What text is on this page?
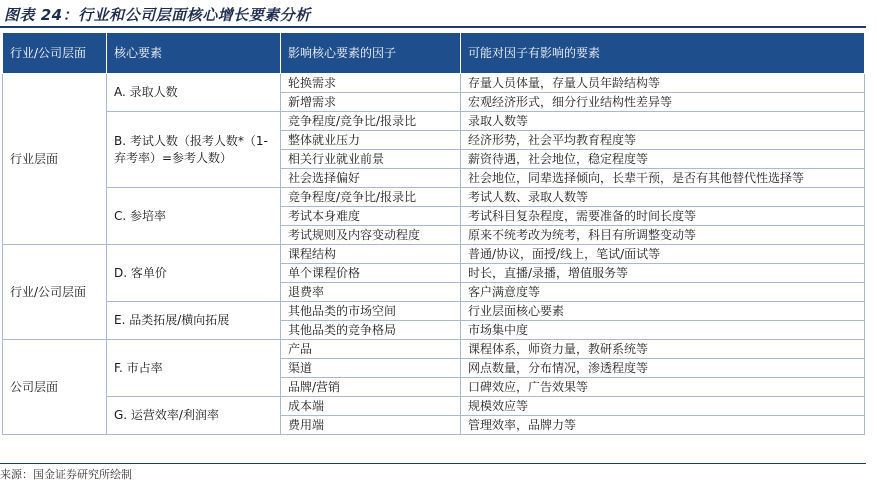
图表 24：行业和公司层面核心增长要素分析
行业/公司层面	核心要素	影响核心要素的因子	可能对因子有影响的要素
行业层面	A. 录取人数	轮换需求	存量人员体量，存量人员年龄结构等
		新增需求	宏观经济形式，细分行业结构性差异等
	B. 考试人数（报考人数*（1-弃考率）=参考人数）	竞争程度/竞争比/报录比	录取人数等
		整体就业压力	经济形势，社会平均教育程度等
		相关行业就业前景	薪资待遇，社会地位，稳定程度等
		社会选择偏好	社会地位，同辈选择倾向，长辈干预，是否有其他替代性选择等
	C. 参培率	竞争程度/竞争比/报录比	考试人数、录取人数等
		考试本身难度	考试科目复杂程度，需要准备的时间长度等
		考试规则及内容变动程度	原来不统考改为统考，科目有所调整变动等
行业/公司层面	D. 客单价	课程结构	普通/协议，面授/线上，笔试/面试等
		单个课程价格	时长，直播/录播，增值服务等
		退费率	客户满意度等
	E. 品类拓展/横向拓展	其他品类的市场空间	行业层面核心要素
		其他品类的竞争格局	市场集中度
公司层面	F. 市占率	产品	课程体系，师资力量，教研系统等
		渠道	网点数量，分布情况，渗透程度等
		品牌/营销	口碑效应，广告效果等
	G. 运营效率/利润率	成本端	规模效应等
		费用端	管理效率，品牌力等
来源：国金证券研究所绘制
